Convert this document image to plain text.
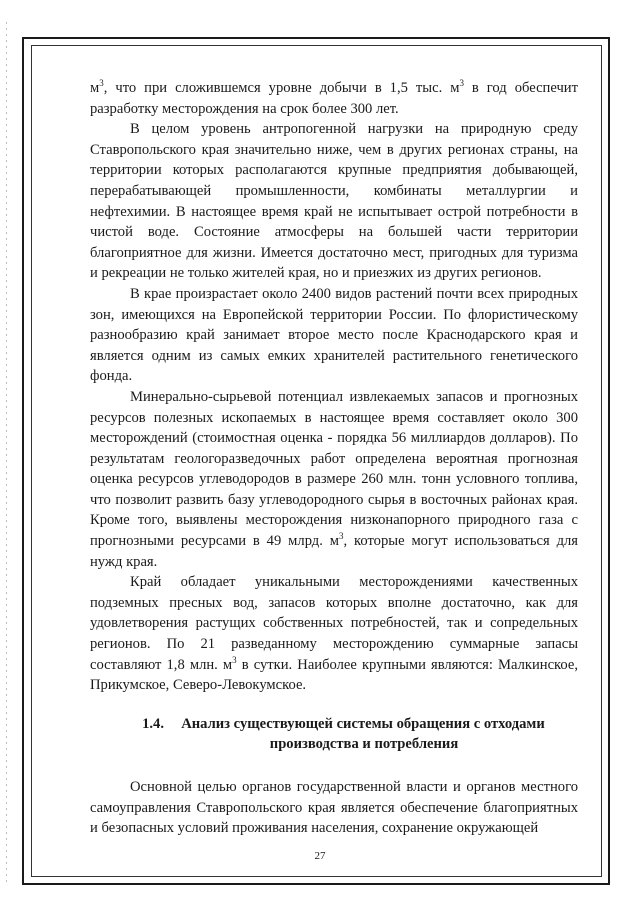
$м^3$, что при сложившемся уровне добычи в 1,5 тыс. $м^3$ в год обеспечит разработку месторождения на срок более 300 лет.

В целом уровень антропогенной нагрузки на природную среду Ставропольского края значительно ниже, чем в других регионах страны, на территории которых располагаются крупные предприятия добывающей, перерабатывающей промышленности, комбинаты металлургии и нефтехимии. В настоящее время край не испытывает острой потребности в чистой воде. Состояние атмосферы на большей части территории благоприятное для жизни. Имеется достаточно мест, пригодных для туризма и рекреации не только жителей края, но и приезжих из других регионов.

В крае произрастает около 2400 видов растений почти всех природных зон, имеющихся на Европейской территории России. По флористическому разнообразию край занимает второе место после Краснодарского края и является одним из самых емких хранителей растительного генетического фонда.

Минерально-сырьевой потенциал извлекаемых запасов и прогнозных ресурсов полезных ископаемых в настоящее время составляет около 300 месторождений (стоимостная оценка - порядка 56 миллиардов долларов). По результатам геологоразведочных работ определена вероятная прогнозная оценка ресурсов углеводородов в размере 260 млн. тонн условного топлива, что позволит развить базу углеводородного сырья в восточных районах края. Кроме того, выявлены месторождения низконапорного природного газа с прогнозными ресурсами в 49 млрд. $м^3$, которые могут использоваться для нужд края.

Край обладает уникальными месторождениями качественных подземных пресных вод, запасов которых вполне достаточно, как для удовлетворения растущих собственных потребностей, так и сопредельных регионов. По 21 разведанному месторождению суммарные запасы составляют 1,8 млн. $м^3$ в сутки. Наиболее крупными являются: Малкинское, Прикумское, Северо-Левокумское.

1.4.	Анализ существующей системы обращения с отходами
производства и потребления

Основной целью органов государственной власти и органов местного самоуправления Ставропольского края является обеспечение благоприятных и безопасных условий проживания населения, сохранение окружающей

27
